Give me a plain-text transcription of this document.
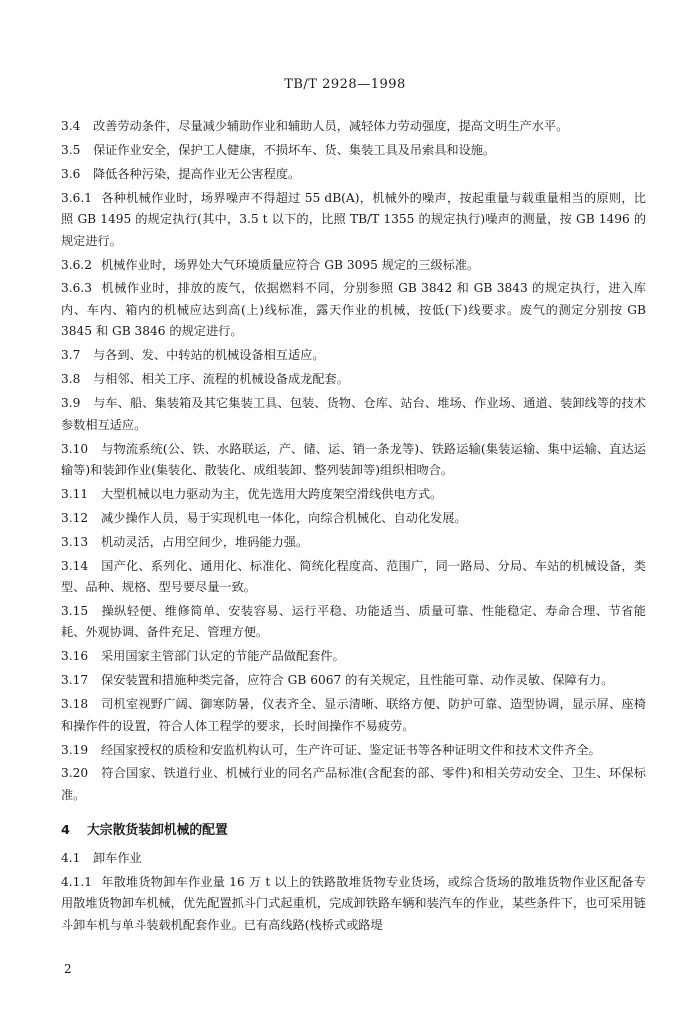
TB/T 2928—1998

3.4 改善劳动条件，尽量减少辅助作业和辅助人员，减轻体力劳动强度，提高文明生产水平。

3.5 保证作业安全，保护工人健康，不损坏车、货、集装工具及吊索具和设施。

3.6 降低各种污染，提高作业无公害程度。

3.6.1 各种机械作业时，场界噪声不得超过 55 dB(A)，机械外的噪声，按起重量与载重量相当的原则，比照 GB 1495 的规定执行(其中，3.5 t 以下的，比照 TB/T 1355 的规定执行)噪声的测量，按 GB 1496 的规定进行。

3.6.2 机械作业时，场界处大气环境质量应符合 GB 3095 规定的三级标准。

3.6.3 机械作业时，排放的废气，依据燃料不同，分别参照 GB 3842 和 GB 3843 的规定执行，进入库内、车内、箱内的机械应达到高(上)线标准，露天作业的机械，按低(下)线要求。废气的测定分别按 GB 3845 和 GB 3846 的规定进行。

3.7 与各到、发、中转站的机械设备相互适应。

3.8 与相邻、相关工序、流程的机械设备成龙配套。

3.9 与车、船、集装箱及其它集装工具、包装、货物、仓库、站台、堆场、作业场、通道、装卸线等的技术参数相互适应。

3.10 与物流系统(公、铁、水路联运，产、储、运、销一条龙等)、铁路运输(集装运输、集中运输、直达运输等)和装卸作业(集装化、散装化、成组装卸、整列装卸等)组织相吻合。

3.11 大型机械以电力驱动为主，优先选用大跨度架空滑线供电方式。

3.12 减少操作人员，易于实现机电一体化，向综合机械化、自动化发展。

3.13 机动灵活，占用空间少，堆码能力强。

3.14 国产化、系列化、通用化、标准化、简统化程度高、范围广，同一路局、分局、车站的机械设备，类型、品种、规格、型号要尽量一致。

3.15 操纵轻便、维修简单、安装容易、运行平稳、功能适当、质量可靠、性能稳定、寿命合理、节省能耗、外观协调、备件充足、管理方便。

3.16 采用国家主管部门认定的节能产品做配套件。

3.17 保安装置和措施种类完备，应符合 GB 6067 的有关规定，且性能可靠、动作灵敏、保障有力。

3.18 司机室视野广阔、御寒防暑，仪表齐全、显示清晰、联络方便、防护可靠、造型协调，显示屏、座椅和操作件的设置，符合人体工程学的要求，长时间操作不易疲劳。

3.19 经国家授权的质检和安监机构认可，生产许可证、鉴定证书等各种证明文件和技术文件齐全。

3.20 符合国家、铁道行业、机械行业的同名产品标准(含配套的部、零件)和相关劳动安全、卫生、环保标准。

4 大宗散货装卸机械的配置

4.1 卸车作业

4.1.1 年散堆货物卸车作业量 16 万 t 以上的铁路散堆货物专业货场，或综合货场的散堆货物作业区配备专用散堆货物卸车机械，优先配置抓斗门式起重机，完成卸铁路车辆和装汽车的作业，某些条件下，也可采用链斗卸车机与单斗装载机配套作业。已有高线路(栈桥式或路堤

2
